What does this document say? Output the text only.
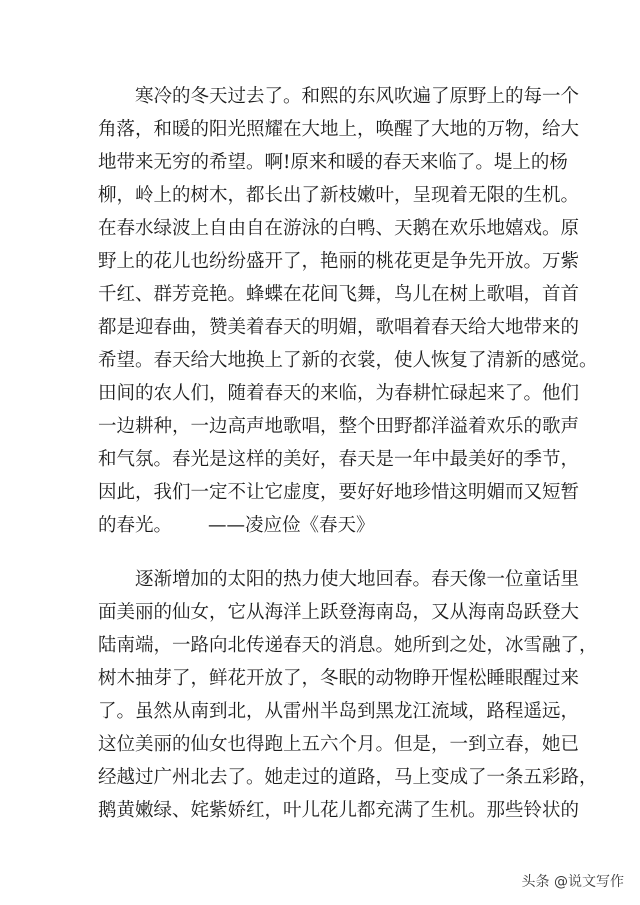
寒冷的冬天过去了。和熙的东风吹遍了原野上的每一个
角落，和暖的阳光照耀在大地上，唤醒了大地的万物，给大
地带来无穷的希望。啊!原来和暖的春天来临了。堤上的杨
柳，岭上的树木，都长出了新枝嫩叶，呈现着无限的生机。
在春水绿波上自由自在游泳的白鸭、天鹅在欢乐地嬉戏。原
野上的花儿也纷纷盛开了，艳丽的桃花更是争先开放。万紫
千红、群芳竞艳。蜂蝶在花间飞舞，鸟儿在树上歌唱，首首
都是迎春曲，赞美着春天的明媚，歌唱着春天给大地带来的
希望。春天给大地换上了新的衣裳，使人恢复了清新的感觉。
田间的农人们，随着春天的来临，为春耕忙碌起来了。他们
一边耕种，一边高声地歌唱，整个田野都洋溢着欢乐的歌声
和气氛。春光是这样的美好，春天是一年中最美好的季节，
因此，我们一定不让它虚度，要好好地珍惜这明媚而又短暂
的春光。 ——凌应俭《春天》
逐渐增加的太阳的热力使大地回春。春天像一位童话里
面美丽的仙女，它从海洋上跃登海南岛，又从海南岛跃登大
陆南端，一路向北传递春天的消息。她所到之处，冰雪融了，
树木抽芽了，鲜花开放了，冬眠的动物睁开惺松睡眼醒过来
了。虽然从南到北，从雷州半岛到黑龙江流域，路程遥远，
这位美丽的仙女也得跑上五六个月。但是，一到立春，她已
经越过广州北去了。她走过的道路，马上变成了一条五彩路，
鹅黄嫩绿、姹紫娇红，叶儿花儿都充满了生机。那些铃状的
头条 @说文写作
